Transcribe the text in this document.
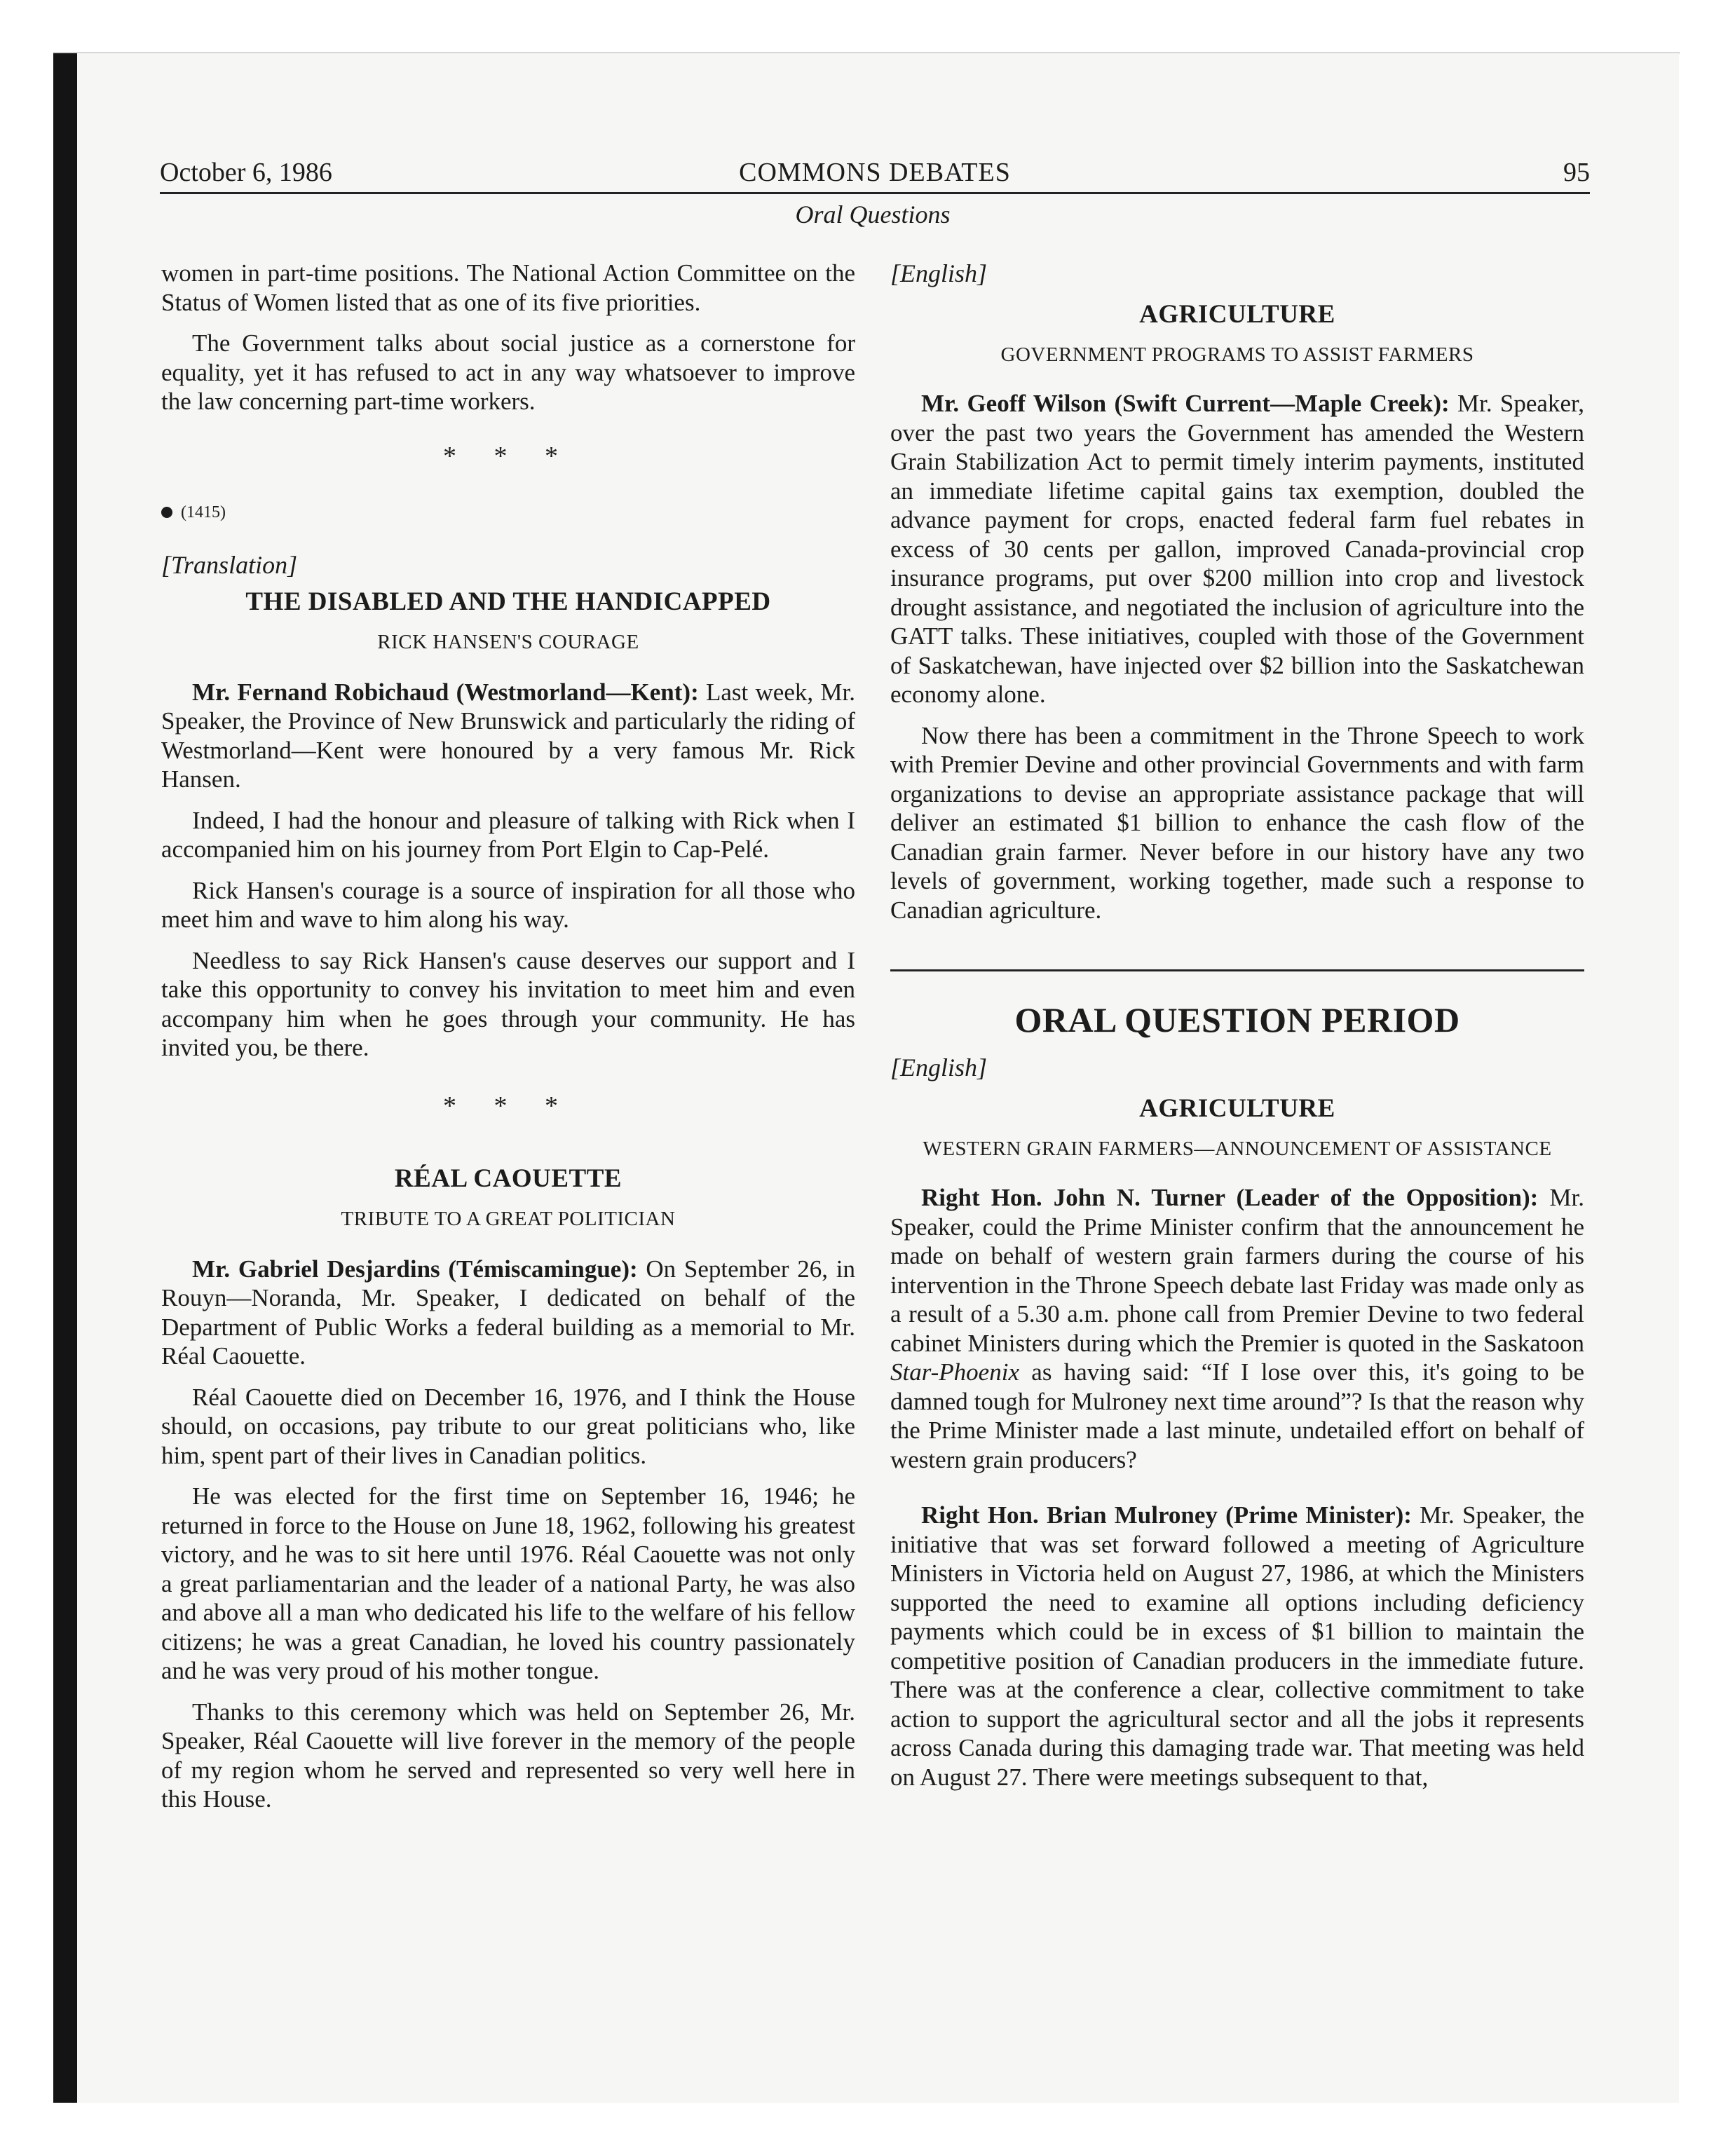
COMMONS DEBATES
October 6, 1986	95

women in part-time positions. The National Action Committee on the Status of Women listed that as one of its five priorities.

The Government talks about social justice as a cornerstone for equality, yet it has refused to act in any way whatsoever to improve the law concerning part-time workers.

* * *
(1415)
[Translation]
THE DISABLED AND THE HANDICAPPED
RICK HANSEN'S COURAGE

Mr. Fernand Robichaud (Westmorland—Kent): Last week, Mr. Speaker, the Province of New Brunswick and particularly the riding of Westmorland—Kent were honoured by a very famous Mr. Rick Hansen.

Indeed, I had the honour and pleasure of talking with Rick when I accompanied him on his journey from Port Elgin to Cap-Pelé.

Rick Hansen's courage is a source of inspiration for all those who meet him and wave to him along his way.

Needless to say Rick Hansen's cause deserves our support and I take this opportunity to convey his invitation to meet him and even accompany him when he goes through your community. He has invited you, be there.

* * *
RÉAL CAOUETTE
TRIBUTE TO A GREAT POLITICIAN

Mr. Gabriel Desjardins (Témiscamingue): On September 26, in Rouyn—Noranda, Mr. Speaker, I dedicated on behalf of the Department of Public Works a federal building as a memorial to Mr. Réal Caouette.

Réal Caouette died on December 16, 1976, and I think the House should, on occasions, pay tribute to our great politicians who, like him, spent part of their lives in Canadian politics.

He was elected for the first time on September 16, 1946; he returned in force to the House on June 18, 1962, following his greatest victory, and he was to sit here until 1976. Réal Caouette was not only a great parliamentarian and the leader of a national Party, he was also and above all a man who dedicated his life to the welfare of his fellow citizens; he was a great Canadian, he loved his country passionately and he was very proud of his mother tongue.

Thanks to this ceremony which was held on September 26, Mr. Speaker, Réal Caouette will live forever in the memory of the people of my region whom he served and represented so very well here in this House.

Oral Questions
[English]
AGRICULTURE
GOVERNMENT PROGRAMS TO ASSIST FARMERS

Mr. Geoff Wilson (Swift Current—Maple Creek): Mr. Speaker, over the past two years the Government has amended the Western Grain Stabilization Act to permit timely interim payments, instituted an immediate lifetime capital gains tax exemption, doubled the advance payment for crops, enacted federal farm fuel rebates in excess of 30 cents per gallon, improved Canada-provincial crop insurance programs, put over $200 million into crop and livestock drought assistance, and negotiated the inclusion of agriculture into the GATT talks. These initiatives, coupled with those of the Government of Saskatchewan, have injected over $2 billion into the Saskatchewan economy alone.

Now there has been a commitment in the Throne Speech to work with Premier Devine and other provincial Governments and with farm organizations to devise an appropriate assistance package that will deliver an estimated $1 billion to enhance the cash flow of the Canadian grain farmer. Never before in our history have any two levels of government, working together, made such a response to Canadian agriculture.

ORAL QUESTION PERIOD
[English]
AGRICULTURE
WESTERN GRAIN FARMERS—ANNOUNCEMENT OF ASSISTANCE

Right Hon. John N. Turner (Leader of the Opposition): Mr. Speaker, could the Prime Minister confirm that the announcement he made on behalf of western grain farmers during the course of his intervention in the Throne Speech debate last Friday was made only as a result of a 5.30 a.m. phone call from Premier Devine to two federal cabinet Ministers during which the Premier is quoted in the Saskatoon Star-Phoenix as having said: “If I lose over this, it's going to be damned tough for Mulroney next time around”? Is that the reason why the Prime Minister made a last minute, undetailed effort on behalf of western grain producers?

Right Hon. Brian Mulroney (Prime Minister): Mr. Speaker, the initiative that was set forward followed a meeting of Agriculture Ministers in Victoria held on August 27, 1986, at which the Ministers supported the need to examine all options including deficiency payments which could be in excess of $1 billion to maintain the competitive position of Canadian producers in the immediate future. There was at the conference a clear, collective commitment to take action to support the agricultural sector and all the jobs it represents across Canada during this damaging trade war. That meeting was held on August 27. There were meetings subsequent to that,
